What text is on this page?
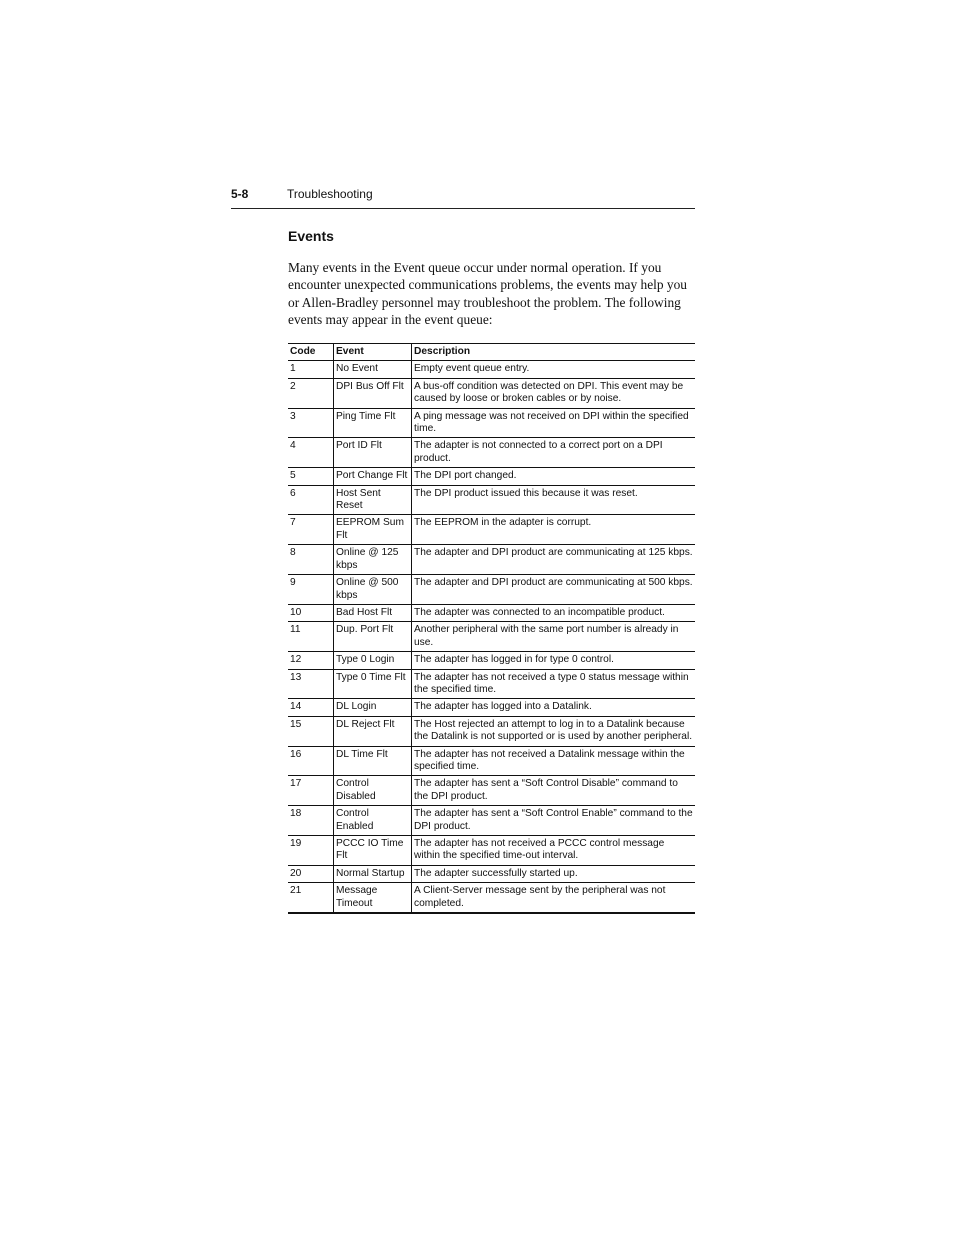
5-8	Troubleshooting
Events

Many events in the Event queue occur under normal operation. If you encounter unexpected communications problems, the events may help you or Allen-Bradley personnel may troubleshoot the problem. The following events may appear in the event queue:

Code	Event	Description
1	No Event	Empty event queue entry.
2	DPI Bus Off Flt	A bus-off condition was detected on DPI. This event may be caused by loose or broken cables or by noise.
3	Ping Time Flt	A ping message was not received on DPI within the specified time.
4	Port ID Flt	The adapter is not connected to a correct port on a DPI product.
5	Port Change Flt	The DPI port changed.
6	Host Sent Reset	The DPI product issued this because it was reset.
7	EEPROM Sum Flt	The EEPROM in the adapter is corrupt.
8	Online @ 125 kbps	The adapter and DPI product are communicating at 125 kbps.
9	Online @ 500 kbps	The adapter and DPI product are communicating at 500 kbps.
10	Bad Host Flt	The adapter was connected to an incompatible product.
11	Dup. Port Flt	Another peripheral with the same port number is already in use.
12	Type 0 Login	The adapter has logged in for type 0 control.
13	Type 0 Time Flt	The adapter has not received a type 0 status message within the specified time.
14	DL Login	The adapter has logged into a Datalink.
15	DL Reject Flt	The Host rejected an attempt to log in to a Datalink because the Datalink is not supported or is used by another peripheral.
16	DL Time Flt	The adapter has not received a Datalink message within the specified time.
17	Control Disabled	The adapter has sent a “Soft Control Disable” command to the DPI product.
18	Control Enabled	The adapter has sent a “Soft Control Enable” command to the DPI product.
19	PCCC IO Time Flt	The adapter has not received a PCCC control message within the specified time-out interval.
20	Normal Startup	The adapter successfully started up.
21	Message Timeout	A Client-Server message sent by the peripheral was not completed.
